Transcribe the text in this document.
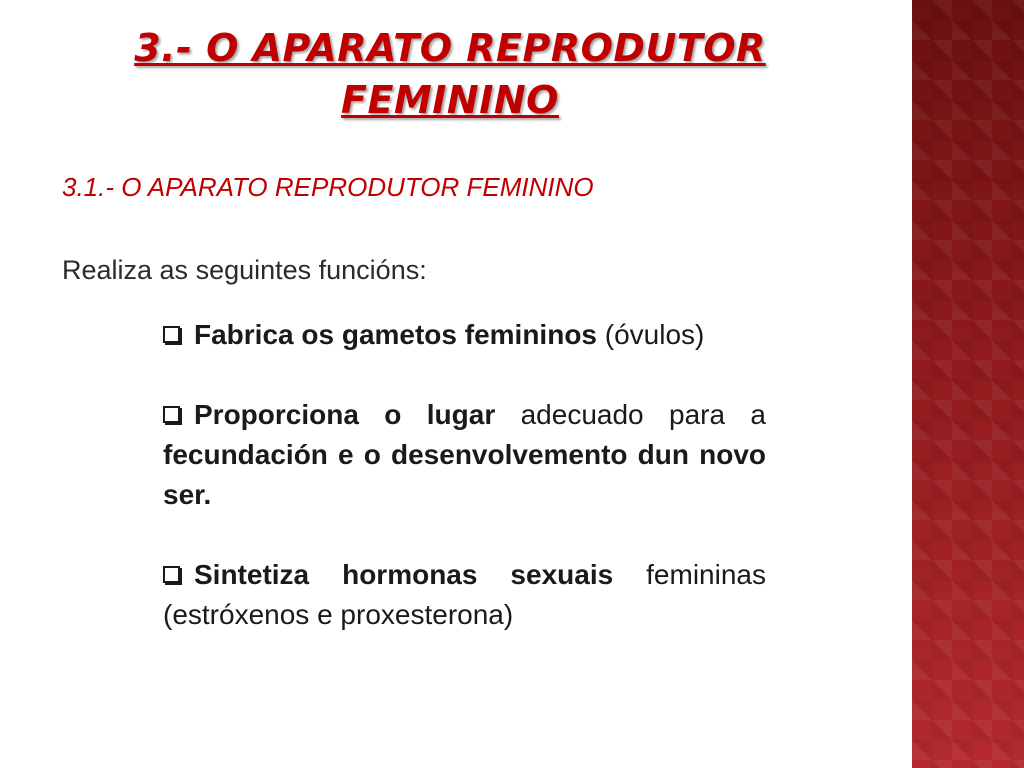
3.- O APARATO REPRODUTOR
FEMININO

3.1.- O APARATO REPRODUTOR FEMININO

Realiza as seguintes funcións:

Fabrica os gametos femininos (óvulos)
Proporciona o lugar adecuado para a fecundación e o desenvolvemento dun novo ser.
Sintetiza hormonas sexuais femininas (estróxenos e proxesterona)
